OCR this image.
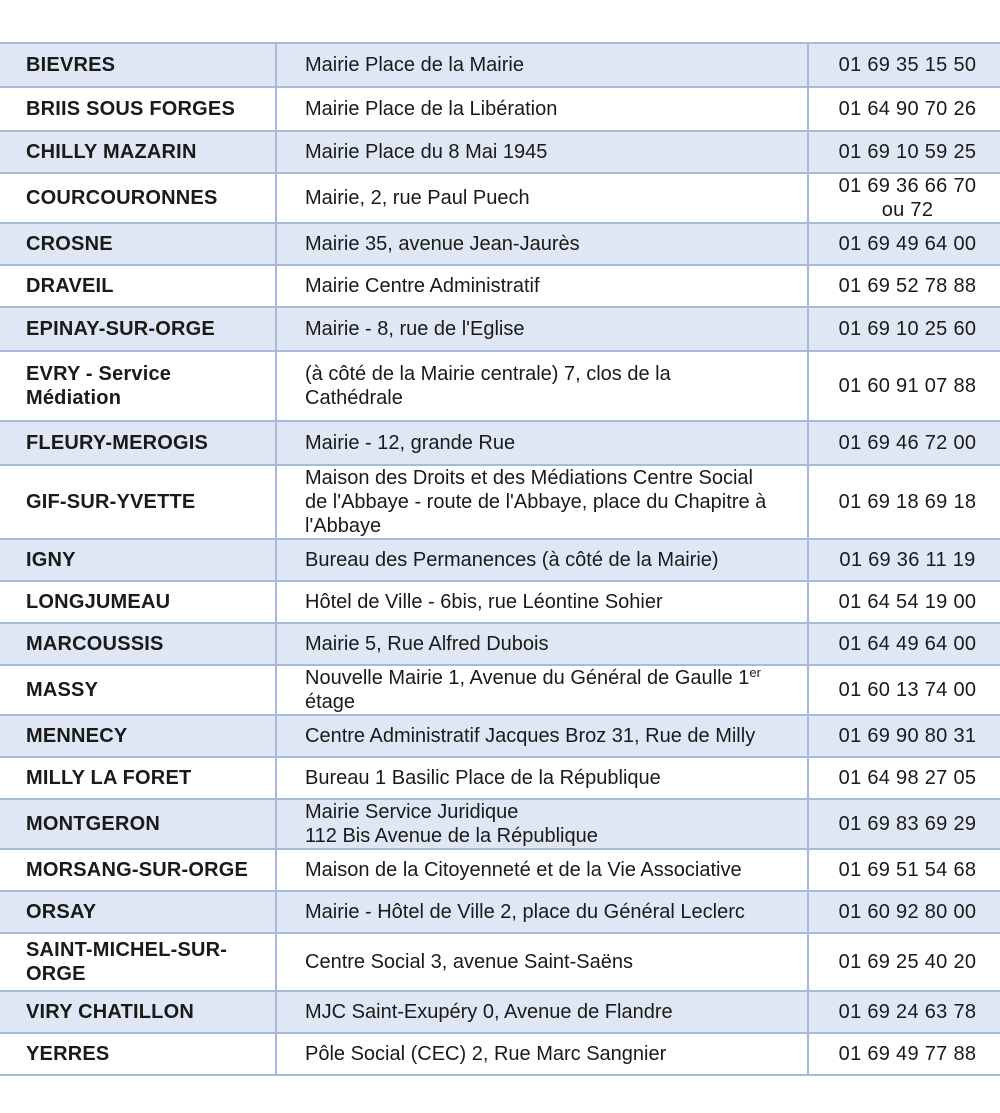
BIEVRES	Mairie Place de la Mairie	01 69 35 15 50

BRIIS SOUS FORGES	Mairie Place de la Libération	01 64 90 70 26

CHILLY MAZARIN	Mairie Place du 8 Mai 1945	01 69 10 59 25

COURCOURONNES	Mairie, 2, rue Paul Puech	01 69 36 66 70
ou 72

CROSNE	Mairie 35, avenue Jean-Jaurès	01 69 49 64 00

DRAVEIL	Mairie Centre Administratif	01 69 52 78 88

EPINAY-SUR-ORGE	Mairie - 8, rue de l'Eglise	01 69 10 25 60

EVRY - Service Médiation	(à côté de la Mairie centrale) 7, clos de la
Cathédrale	01 60 91 07 88

FLEURY-MEROGIS	Mairie - 12, grande Rue	01 69 46 72 00

GIF-SUR-YVETTE	Maison des Droits et des Médiations Centre Social
de l'Abbaye - route de l'Abbaye, place du Chapitre à
l'Abbaye	01 69 18 69 18

IGNY	Bureau des Permanences (à côté de la Mairie)	01 69 36 11 19

LONGJUMEAU	Hôtel de Ville - 6bis, rue Léontine Sohier	01 64 54 19 00

MARCOUSSIS	Mairie 5, Rue Alfred Dubois	01 64 49 64 00

MASSY	Nouvelle Mairie 1, Avenue du Général de Gaulle 1er
étage	01 60 13 74 00

MENNECY	Centre Administratif Jacques Broz 31, Rue de Milly	01 69 90 80 31

MILLY LA FORET	Bureau 1 Basilic Place de la République	01 64 98 27 05

MONTGERON	Mairie Service Juridique
112 Bis Avenue de la République	01 69 83 69 29

MORSANG-SUR-ORGE	Maison de la Citoyenneté et de la Vie Associative	01 69 51 54 68

ORSAY	Mairie - Hôtel de Ville 2, place du Général Leclerc	01 60 92 80 00

SAINT-MICHEL-SUR-ORGE	Centre Social 3, avenue Saint-Saëns	01 69 25 40 20

VIRY CHATILLON	MJC Saint-Exupéry 0, Avenue de Flandre	01 69 24 63 78

YERRES	Pôle Social (CEC) 2, Rue Marc Sangnier	01 69 49 77 88
